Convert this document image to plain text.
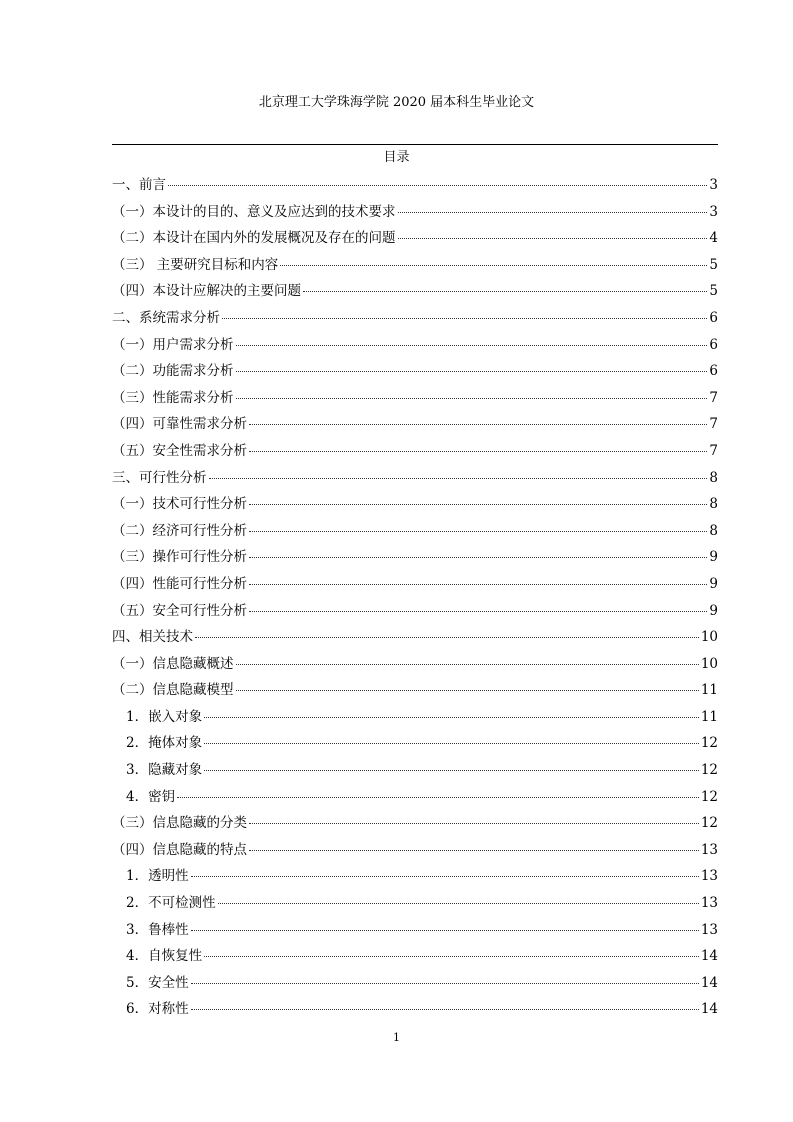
北京理工大学珠海学院 2020 届本科生毕业论文
目录
一、前言	3
（一）本设计的目的、意义及应达到的技术要求	3
（二）本设计在国内外的发展概况及存在的问题	4
（三） 主要研究目标和内容	5
（四）本设计应解决的主要问题	5
二、系统需求分析	6
（一）用户需求分析	6
（二）功能需求分析	6
（三）性能需求分析	7
（四）可靠性需求分析	7
（五）安全性需求分析	7
三、可行性分析	8
（一）技术可行性分析	8
（二）经济可行性分析	8
（三）操作可行性分析	9
（四）性能可行性分析	9
（五）安全可行性分析	9
四、相关技术	10
（一）信息隐藏概述	10
（二）信息隐藏模型	11
1．嵌入对象	11
2．掩体对象	12
3．隐藏对象	12
4．密钥	12
（三）信息隐藏的分类	12
（四）信息隐藏的特点	13
1．透明性	13
2．不可检测性	13
3．鲁棒性	13
4．自恢复性	14
5．安全性	14
6．对称性	14
1
